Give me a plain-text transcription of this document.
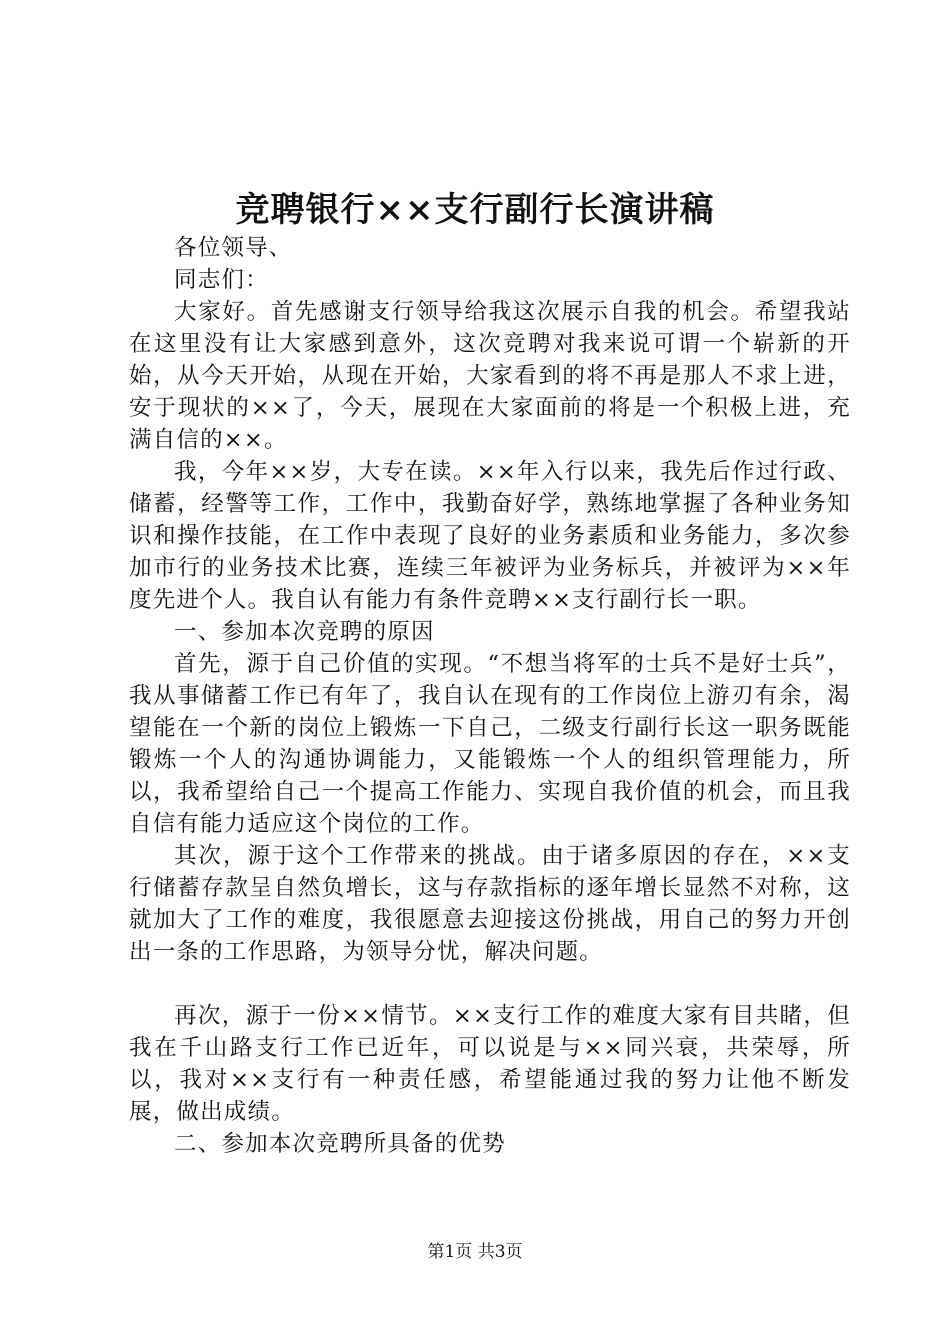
竞聘银行××支行副行长演讲稿

各位领导、

同志们：

大家好。首先感谢支行领导给我这次展示自我的机会。希望我站在这里没有让大家感到意外，这次竞聘对我来说可谓一个崭新的开始，从今天开始，从现在开始，大家看到的将不再是那人不求上进，安于现状的××了，今天，展现在大家面前的将是一个积极上进，充满自信的××。

我，今年××岁，大专在读。××年入行以来，我先后作过行政、储蓄，经警等工作，工作中，我勤奋好学，熟练地掌握了各种业务知识和操作技能，在工作中表现了良好的业务素质和业务能力，多次参加市行的业务技术比赛，连续三年被评为业务标兵，并被评为××年度先进个人。我自认有能力有条件竞聘××支行副行长一职。

一、参加本次竞聘的原因

首先，源于自己价值的实现。“不想当将军的士兵不是好士兵”，我从事储蓄工作已有年了，我自认在现有的工作岗位上游刃有余，渴望能在一个新的岗位上锻炼一下自己，二级支行副行长这一职务既能锻炼一个人的沟通协调能力，又能锻炼一个人的组织管理能力，所以，我希望给自己一个提高工作能力、实现自我价值的机会，而且我自信有能力适应这个岗位的工作。

其次，源于这个工作带来的挑战。由于诸多原因的存在，××支行储蓄存款呈自然负增长，这与存款指标的逐年增长显然不对称，这就加大了工作的难度，我很愿意去迎接这份挑战，用自己的努力开创出一条的工作思路，为领导分忧，解决问题。

再次，源于一份××情节。××支行工作的难度大家有目共睹，但我在千山路支行工作已近年，可以说是与××同兴衰，共荣辱，所以，我对××支行有一种责任感，希望能通过我的努力让他不断发展，做出成绩。

二、参加本次竞聘所具备的优势

第1页 共3页
